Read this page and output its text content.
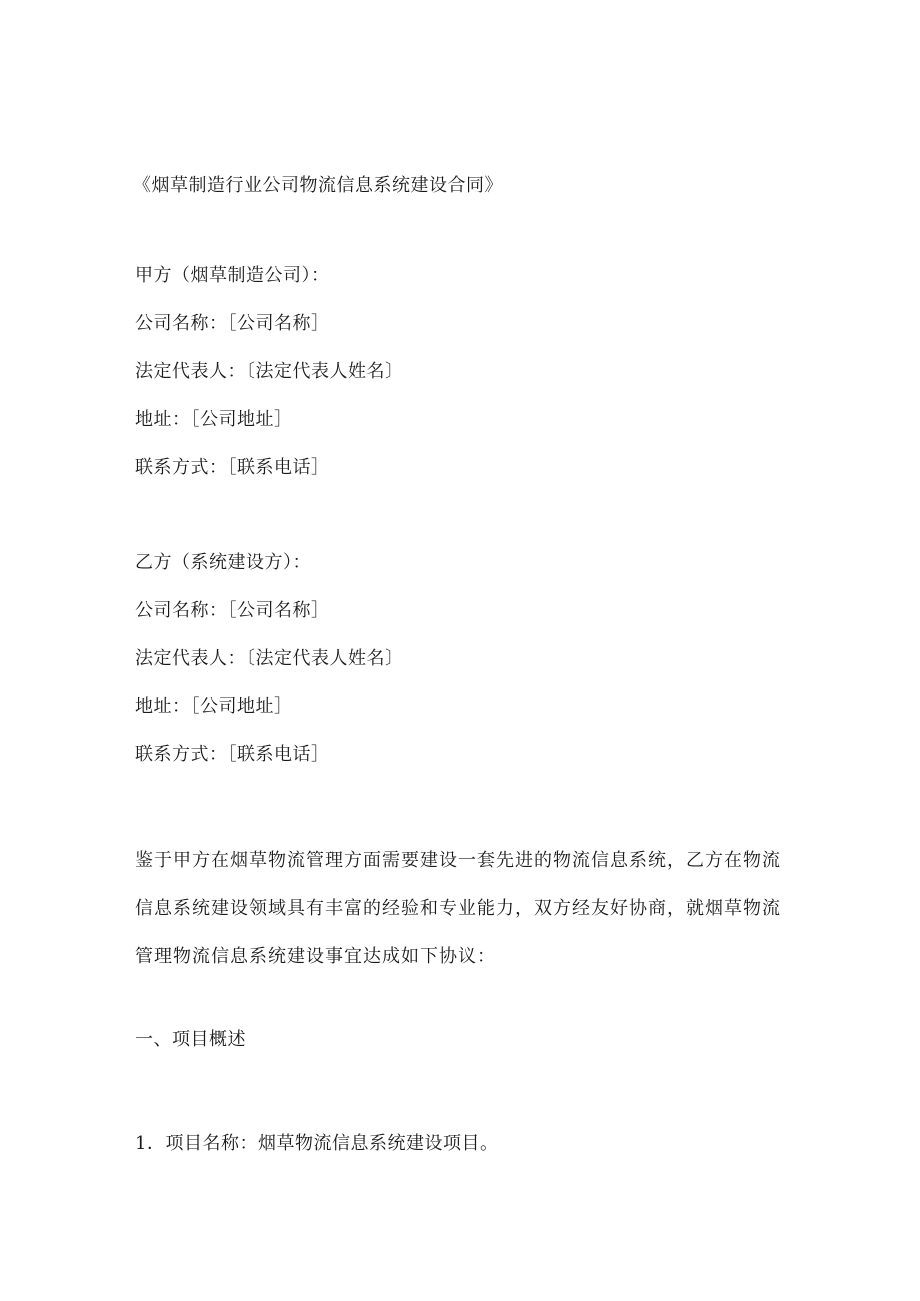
《烟草制造行业公司物流信息系统建设合同》
甲方（烟草制造公司）：
公司名称：［公司名称］
法定代表人：〔法定代表人姓名〕
地址：［公司地址］
联系方式：［联系电话］
乙方（系统建设方）：
公司名称：［公司名称］
法定代表人：〔法定代表人姓名〕
地址：［公司地址］
联系方式：［联系电话］
鉴于甲方在烟草物流管理方面需要建设一套先进的物流信息系统，乙方在物流
信息系统建设领域具有丰富的经验和专业能力，双方经友好协商，就烟草物流
管理物流信息系统建设事宜达成如下协议：
一、项目概述
1．项目名称：烟草物流信息系统建设项目。
